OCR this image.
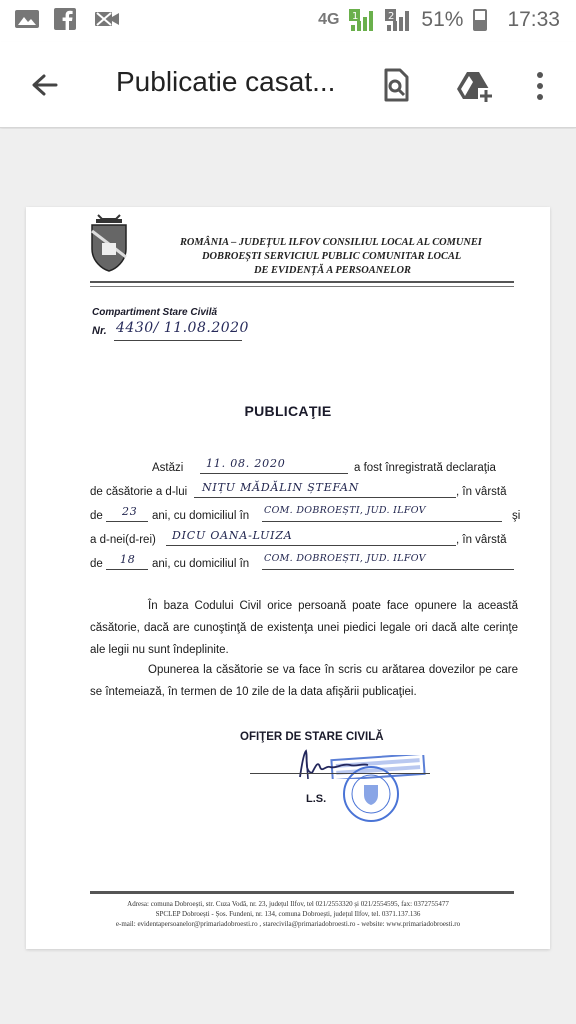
4G 1	2 51% 17:33
Publicatie casat...
ROMÂNIA – JUDEȚUL ILFOV CONSILIUL LOCAL AL COMUNEI
DOBROEȘTI SERVICIUL PUBLIC COMUNITAR LOCAL
DE EVIDENȚĂ A PERSOANELOR
Compartiment Stare Civilă
Nr. 4430/ 11.08.2020
PUBLICAŢIE
Astăzi 11. 08. 2020	a fost înregistrată declaraţia
de căsătorie a d-lui NIȚU MĂDĂLIN ȘTEFAN	, în vârstă
de 23 ani, cu domiciliul în COM. DOBROEȘTI, JUD. ILFOV	şi
a d-nei(d-rei) DICU OANA-LUIZA	, în vârstă
de 18 ani, cu domiciliul în COM. DOBROEȘTI, JUD. ILFOV
În baza Codului Civil orice persoană poate face opunere la această căsătorie, dacă are cunoştinţă de existenţa unei piedici legale ori dacă alte cerinţe ale legii nu sunt îndeplinite.
Opunerea la căsătorie se va face în scris cu arătarea dovezilor pe care se întemeiază, în termen de 10 zile de la data afişării publicaţiei.
OFIŢER DE STARE CIVILĂ
L.S.
Adresa: comuna Dobroești, str. Cuza Vodă, nr. 23, județul Ilfov, tel 021/2553320 și 021/2554595, fax: 0372755477
SPCLEP Dobroești - Șos. Fundeni, nr. 134, comuna Dobroești, județul Ilfov, tel. 0371.137.136
e-mail: evidentapersoanelor@primariadobroesti.ro , starecivila@primariadobroesti.ro - website: www.primariadobroesti.ro
